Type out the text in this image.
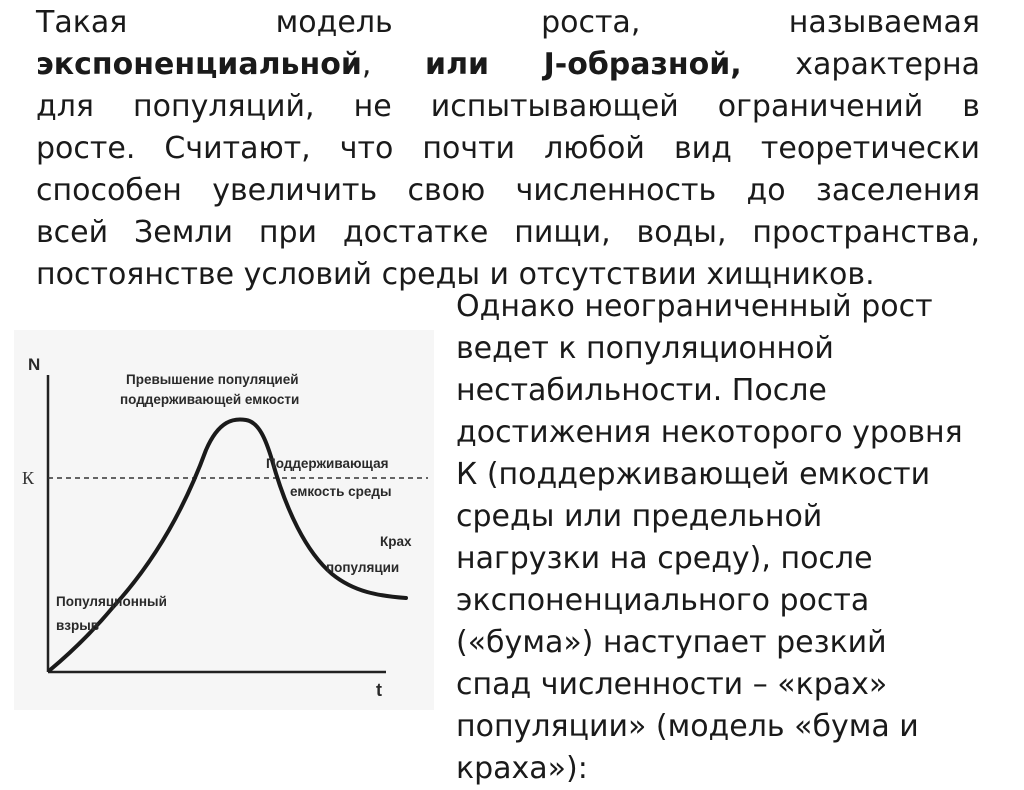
Такая	модель	роста,	называемая
экспоненциальной, или J-образной, характерна
для популяций, не испытывающей ограничений в
росте. Считают, что почти любой вид теоретически
способен увеличить свою численность до заселения
всей Земли при достатке пищи, воды, пространства,
постоянстве условий среды и отсутствии хищников.
N
t
К
Превышение популяцией
поддерживающей емкости
Поддерживающая
емкость среды
Крах
популяции
Популяционный
взрыв
Однако неограниченный рост
ведет к популяционной
нестабильности. После
достижения некоторого уровня
К (поддерживающей емкости
среды или предельной
нагрузки на среду), после
экспоненциального роста
(«бума») наступает резкий
спад численности – «крах»
популяции» (модель «бума и
краха»):
